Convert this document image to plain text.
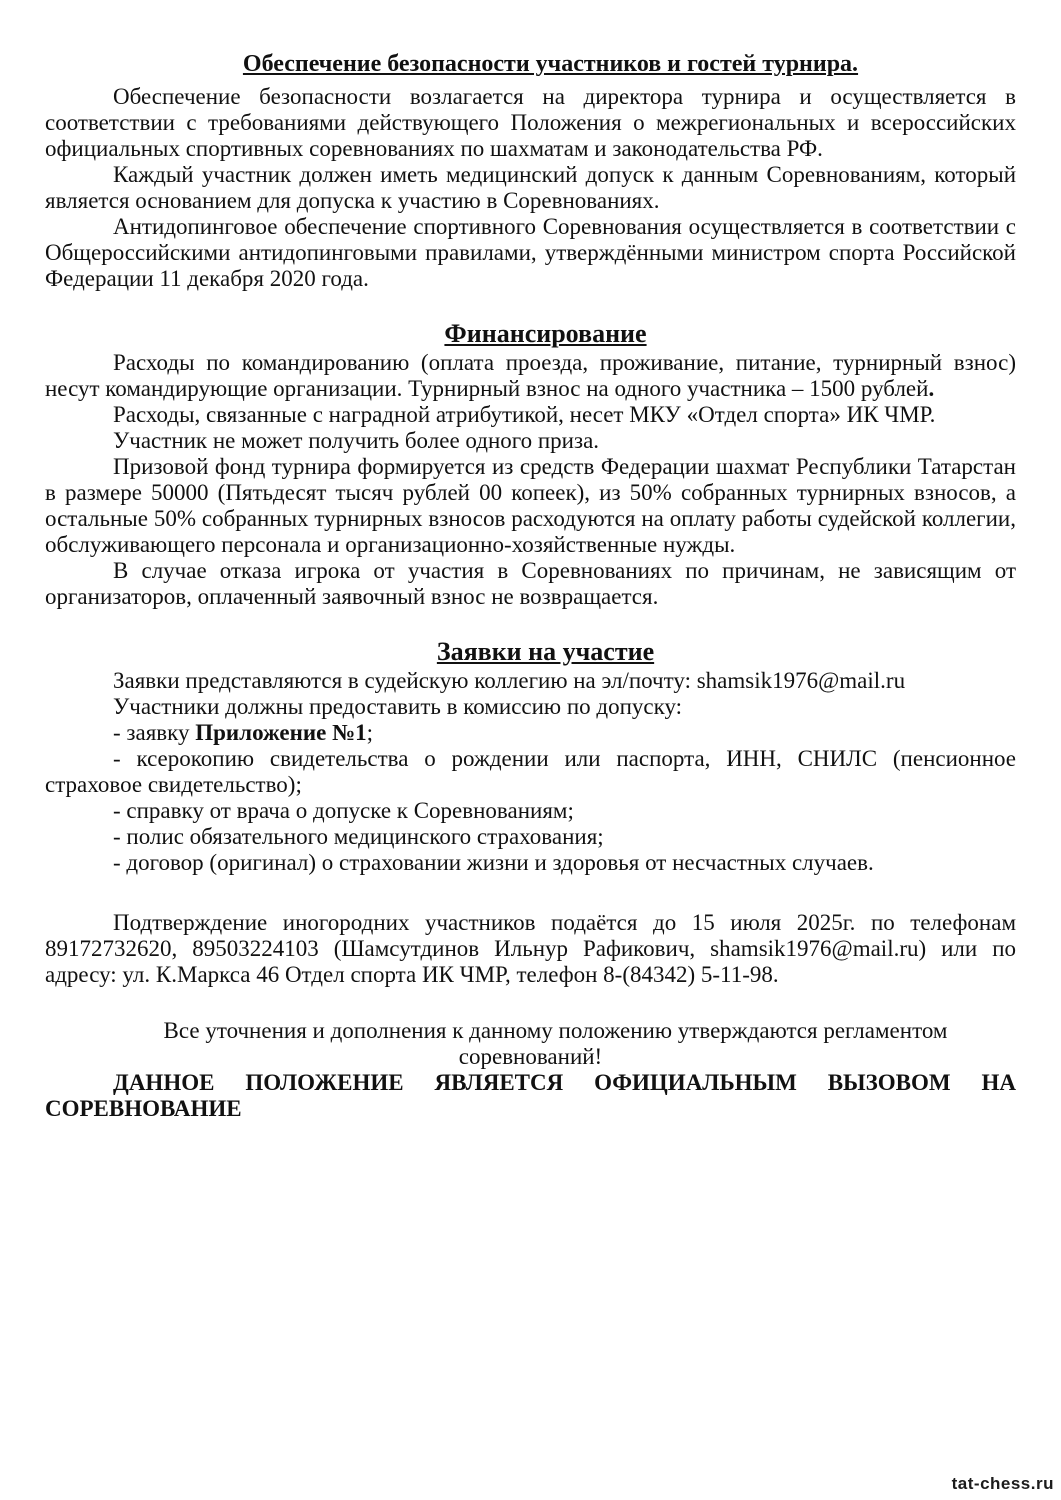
Обеспечение безопасности участников и гостей турнира.

Обеспечение безопасности возлагается на директора турнира и осуществляется в соответствии с требованиями действующего Положения о межрегиональных и всероссийских официальных спортивных соревнованиях по шахматам и законодательства РФ.

Каждый участник должен иметь медицинский допуск к данным Соревнованиям, который является основанием для допуска к участию в Соревнованиях.

Антидопинговое обеспечение спортивного Соревнования осуществляется в соответствии с Общероссийскими антидопинговыми правилами, утверждёнными министром спорта Российской Федерации 11 декабря 2020 года.

Финансирование

Расходы по командированию (оплата проезда, проживание, питание, турнирный взнос) несут командирующие организации. Турнирный взнос на одного участника – 1500 рублей.

Расходы, связанные с наградной атрибутикой, несет МКУ «Отдел спорта» ИК ЧМР.

Участник не может получить более одного приза.

Призовой фонд турнира формируется из средств Федерации шахмат Республики Татарстан в размере 50000 (Пятьдесят тысяч рублей 00 копеек), из 50% собранных турнирных взносов, а остальные 50% собранных турнирных взносов расходуются на оплату работы судейской коллегии, обслуживающего персонала и организационно-хозяйственные нужды.

В случае отказа игрока от участия в Соревнованиях по причинам, не зависящим от организаторов, оплаченный заявочный взнос не возвращается.

Заявки на участие

Заявки представляются в судейскую коллегию на эл/почту: shamsik1976@mail.ru

Участники должны предоставить в комиссию по допуску:

- заявку Приложение №1;

- ксерокопию свидетельства о рождении или паспорта, ИНН, СНИЛС (пенсионное страховое свидетельство);

- справку от врача о допуске к Соревнованиям;

- полис обязательного медицинского страхования;

- договор (оригинал) о страховании жизни и здоровья от несчастных случаев.

Подтверждение иногородних участников подаётся до 15 июля 2025г. по телефонам 89172732620, 89503224103 (Шамсутдинов Ильнур Рафикович, shamsik1976@mail.ru) или по адресу: ул. К.Маркса 46 Отдел спорта ИК ЧМР, телефон 8-(84342) 5-11-98.

Все уточнения и дополнения к данному положению утверждаются регламентом
соревнований!

ДАННОЕ ПОЛОЖЕНИЕ ЯВЛЯЕТСЯ ОФИЦИАЛЬНЫМ ВЫЗОВОМ НА СОРЕВНОВАНИЕ

tat-chess.ru
